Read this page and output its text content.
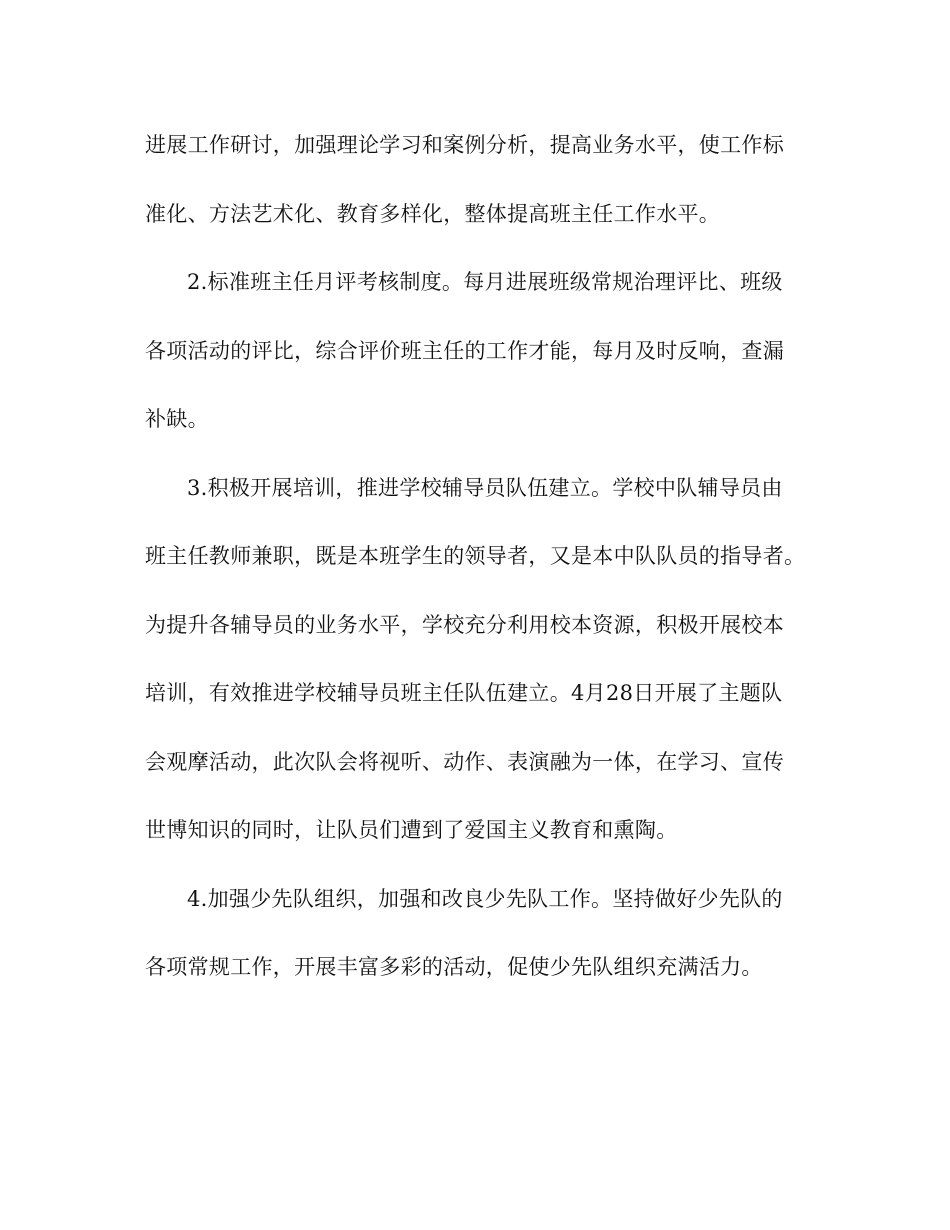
进展工作研讨，加强理论学习和案例分析，提高业务水平，使工作标
准化、方法艺术化、教育多样化，整体提高班主任工作水平。
2.标准班主任月评考核制度。每月进展班级常规治理评比、班级
各项活动的评比，综合评价班主任的工作才能，每月及时反响，查漏
补缺。
3.积极开展培训，推进学校辅导员队伍建立。学校中队辅导员由
班主任教师兼职，既是本班学生的领导者，又是本中队队员的指导者。
为提升各辅导员的业务水平，学校充分利用校本资源，积极开展校本
培训，有效推进学校辅导员班主任队伍建立。4月28日开展了主题队
会观摩活动，此次队会将视听、动作、表演融为一体，在学习、宣传
世博知识的同时，让队员们遭到了爱国主义教育和熏陶。
4.加强少先队组织，加强和改良少先队工作。坚持做好少先队的
各项常规工作，开展丰富多彩的活动，促使少先队组织充满活力。
